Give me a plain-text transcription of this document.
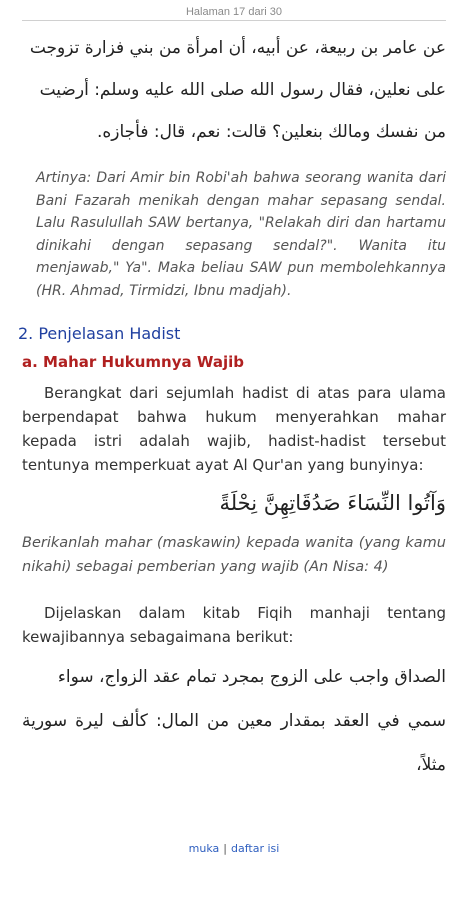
Halaman 17 dari 30
عن عامر بن ربيعة، عن أبيه، أن امرأة من بني فزارة تزوجت
على نعلين، فقال رسول الله صلى الله عليه وسلم: أرضيت
من نفسك ومالك بنعلين؟ قالت: نعم، قال: فأجازه.
Artinya: Dari Amir bin Robi'ah bahwa seorang wanita dari Bani Fazarah menikah dengan mahar sepasang sendal. Lalu Rasulullah SAW bertanya, "Relakah diri dan hartamu dinikahi dengan sepasang sendal?". Wanita itu menjawab," Ya". Maka beliau SAW pun membolehkannya (HR. Ahmad, Tirmidzi, Ibnu madjah).
2. Penjelasan Hadist
a. Mahar Hukumnya Wajib
Berangkat dari sejumlah hadist di atas para ulama berpendapat bahwa hukum menyerahkan mahar kepada istri adalah wajib, hadist-hadist tersebut tentunya memperkuat ayat Al Qur'an yang bunyinya:
وَآتُوا النِّسَاءَ صَدُقَاتِهِنَّ نِحْلَةً
Berikanlah mahar (maskawin) kepada wanita (yang kamu nikahi) sebagai pemberian yang wajib (An Nisa: 4)
Dijelaskan dalam kitab Fiqih manhaji tentang kewajibannya sebagaimana berikut:
الصداق واجب على الزوج بمجرد تمام عقد الزواج، سواء
سمي في العقد بمقدار معين من المال: كألف ليرة سورية مثلاً،
muka | daftar isi
